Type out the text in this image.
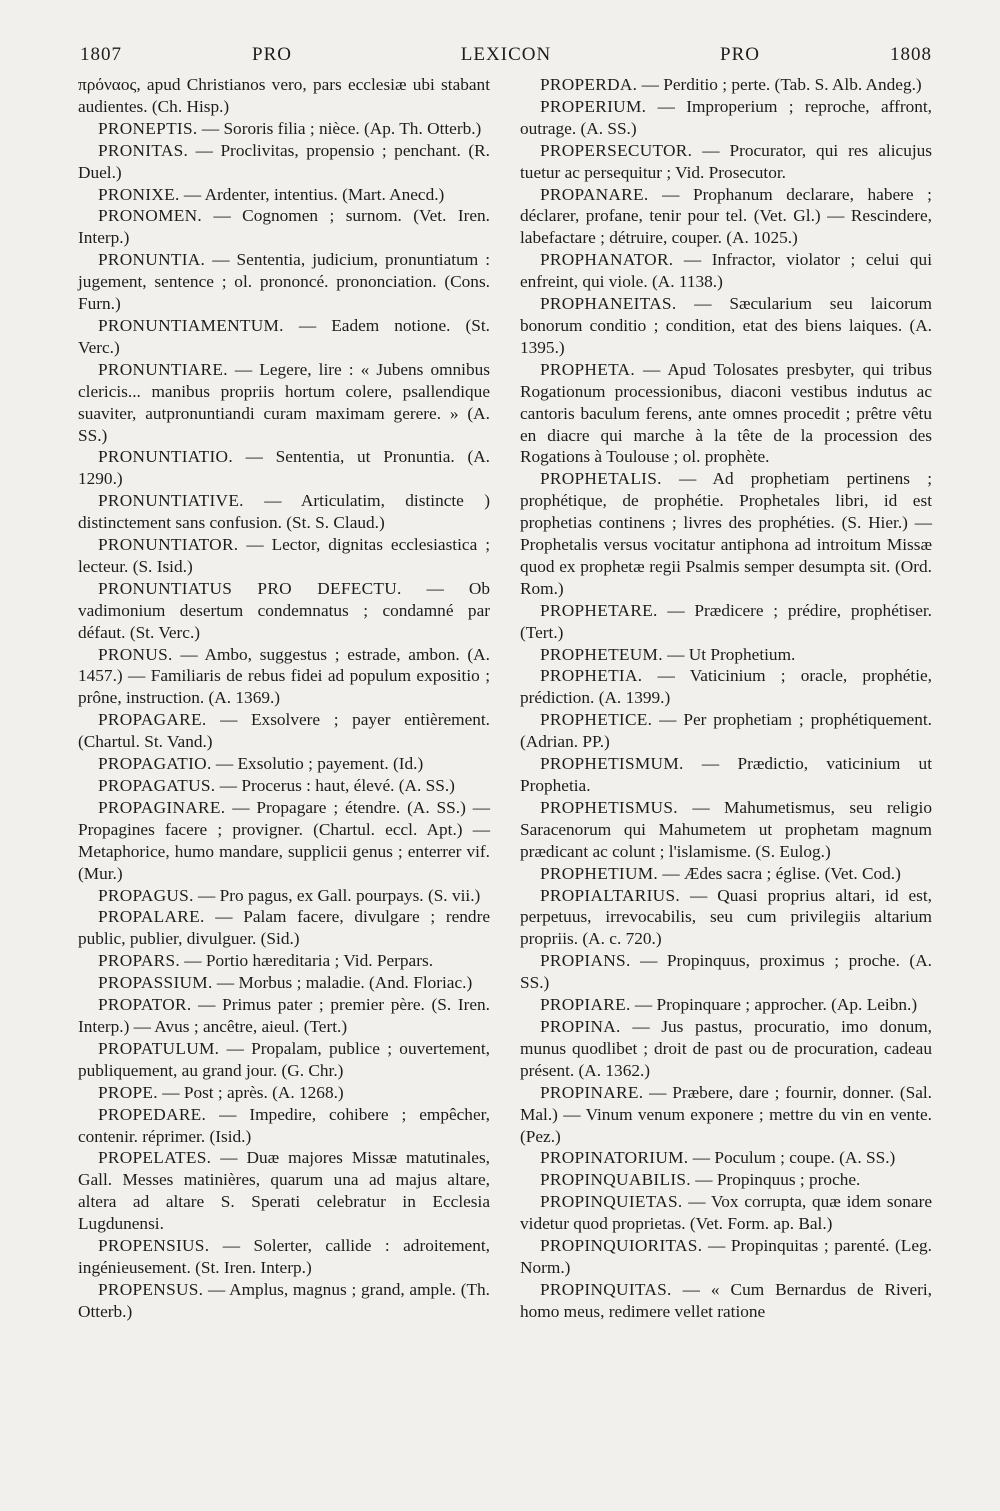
1807	PRO	LEXICON	PRO	1808

πρόναος, apud Christianos vero, pars ecclesiæ ubi stabant audientes. (Ch. Hisp.)

PRONEPTIS. — Sororis filia ; nièce. (Ap. Th. Otterb.)

PRONITAS. — Proclivitas, propensio ; penchant. (R. Duel.)

PRONIXE. — Ardenter, intentius. (Mart. Anecd.)

PRONOMEN. — Cognomen ; surnom. (Vet. Iren. Interp.)

PRONUNTIA. — Sententia, judicium, pronuntiatum : jugement, sentence ; ol. prononcé. prononciation. (Cons. Furn.)

PRONUNTIAMENTUM. — Eadem notione. (St. Verc.)

PRONUNTIARE. — Legere, lire : « Jubens omnibus clericis... manibus propriis hortum colere, psallendique suaviter, autpronuntiandi curam maximam gerere. » (A. SS.)

PRONUNTIATIO. — Sententia, ut Pronuntia. (A. 1290.)

PRONUNTIATIVE. — Articulatim, distincte ) distinctement sans confusion. (St. S. Claud.)

PRONUNTIATOR. — Lector, dignitas ecclesiastica ; lecteur. (S. Isid.)

PRONUNTIATUS PRO DEFECTU. — Ob vadimonium desertum condemnatus ; condamné par défaut. (St. Verc.)

PRONUS. — Ambo, suggestus ; estrade, ambon. (A. 1457.) — Familiaris de rebus fidei ad populum expositio ; prône, instruction. (A. 1369.)

PROPAGARE. — Exsolvere ; payer entièrement. (Chartul. St. Vand.)

PROPAGATIO. — Exsolutio ; payement. (Id.)

PROPAGATUS. — Procerus : haut, élevé. (A. SS.)

PROPAGINARE. — Propagare ; étendre. (A. SS.) — Propagines facere ; provigner. (Chartul. eccl. Apt.) — Metaphorice, humo mandare, supplicii genus ; enterrer vif. (Mur.)

PROPAGUS. — Pro pagus, ex Gall. pourpays. (S. vii.)

PROPALARE. — Palam facere, divulgare ; rendre public, publier, divulguer. (Sid.)

PROPARS. — Portio hæreditaria ; Vid. Perpars.

PROPASSIUM. — Morbus ; maladie. (And. Floriac.)

PROPATOR. — Primus pater ; premier père. (S. Iren. Interp.) — Avus ; ancêtre, aieul. (Tert.)

PROPATULUM. — Propalam, publice ; ouvertement, publiquement, au grand jour. (G. Chr.)

PROPE. — Post ; après. (A. 1268.)

PROPEDARE. — Impedire, cohibere ; empêcher, contenir. réprimer. (Isid.)

PROPELATES. — Duæ majores Missæ matutinales, Gall. Messes matinières, quarum una ad majus altare, altera ad altare S. Sperati celebratur in Ecclesia Lugdunensi.

PROPENSIUS. — Solerter, callide : adroitement, ingénieusement. (St. Iren. Interp.)

PROPENSUS. — Amplus, magnus ; grand, ample. (Th. Otterb.)

PROPERDA. — Perditio ; perte. (Tab. S. Alb. Andeg.)

PROPERIUM. — Improperium ; reproche, affront, outrage. (A. SS.)

PROPERSECUTOR. — Procurator, qui res alicujus tuetur ac persequitur ; Vid. Prosecutor.

PROPANARE. — Prophanum declarare, habere ; déclarer, profane, tenir pour tel. (Vet. Gl.) — Rescindere, labefactare ; détruire, couper. (A. 1025.)

PROPHANATOR. — Infractor, violator ; celui qui enfreint, qui viole. (A. 1138.)

PROPHANEITAS. — Sæcularium seu laicorum bonorum conditio ; condition, etat des biens laiques. (A. 1395.)

PROPHETA. — Apud Tolosates presbyter, qui tribus Rogationum processionibus, diaconi vestibus indutus ac cantoris baculum ferens, ante omnes procedit ; prêtre vêtu en diacre qui marche à la tête de la procession des Rogations à Toulouse ; ol. prophète.

PROPHETALIS. — Ad prophetiam pertinens ; prophétique, de prophétie. Prophetales libri, id est prophetias continens ; livres des prophéties. (S. Hier.) — Prophetalis versus vocitatur antiphona ad introitum Missæ quod ex prophetæ regii Psalmis semper desumpta sit. (Ord. Rom.)

PROPHETARE. — Prædicere ; prédire, prophétiser. (Tert.)

PROPHETEUM. — Ut Prophetium.

PROPHETIA. — Vaticinium ; oracle, prophétie, prédiction. (A. 1399.)

PROPHETICE. — Per prophetiam ; prophétiquement. (Adrian. PP.)

PROPHETISMUM. — Prædictio, vaticinium ut Prophetia.

PROPHETISMUS. — Mahumetismus, seu religio Saracenorum qui Mahumetem ut prophetam magnum prædicant ac colunt ; l'islamisme. (S. Eulog.)

PROPHETIUM. — Ædes sacra ; église. (Vet. Cod.)

PROPIALTARIUS. — Quasi proprius altari, id est, perpetuus, irrevocabilis, seu cum privilegiis altarium propriis. (A. c. 720.)

PROPIANS. — Propinquus, proximus ; proche. (A. SS.)

PROPIARE. — Propinquare ; approcher. (Ap. Leibn.)

PROPINA. — Jus pastus, procuratio, imo donum, munus quodlibet ; droit de past ou de procuration, cadeau présent. (A. 1362.)

PROPINARE. — Præbere, dare ; fournir, donner. (Sal. Mal.) — Vinum venum exponere ; mettre du vin en vente. (Pez.)

PROPINATORIUM. — Poculum ; coupe. (A. SS.)

PROPINQUABILIS. — Propinquus ; proche.

PROPINQUIETAS. — Vox corrupta, quæ idem sonare videtur quod proprietas. (Vet. Form. ap. Bal.)

PROPINQUIORITAS. — Propinquitas ; parenté. (Leg. Norm.)

PROPINQUITAS. — « Cum Bernardus de Riveri, homo meus, redimere vellet ratione
